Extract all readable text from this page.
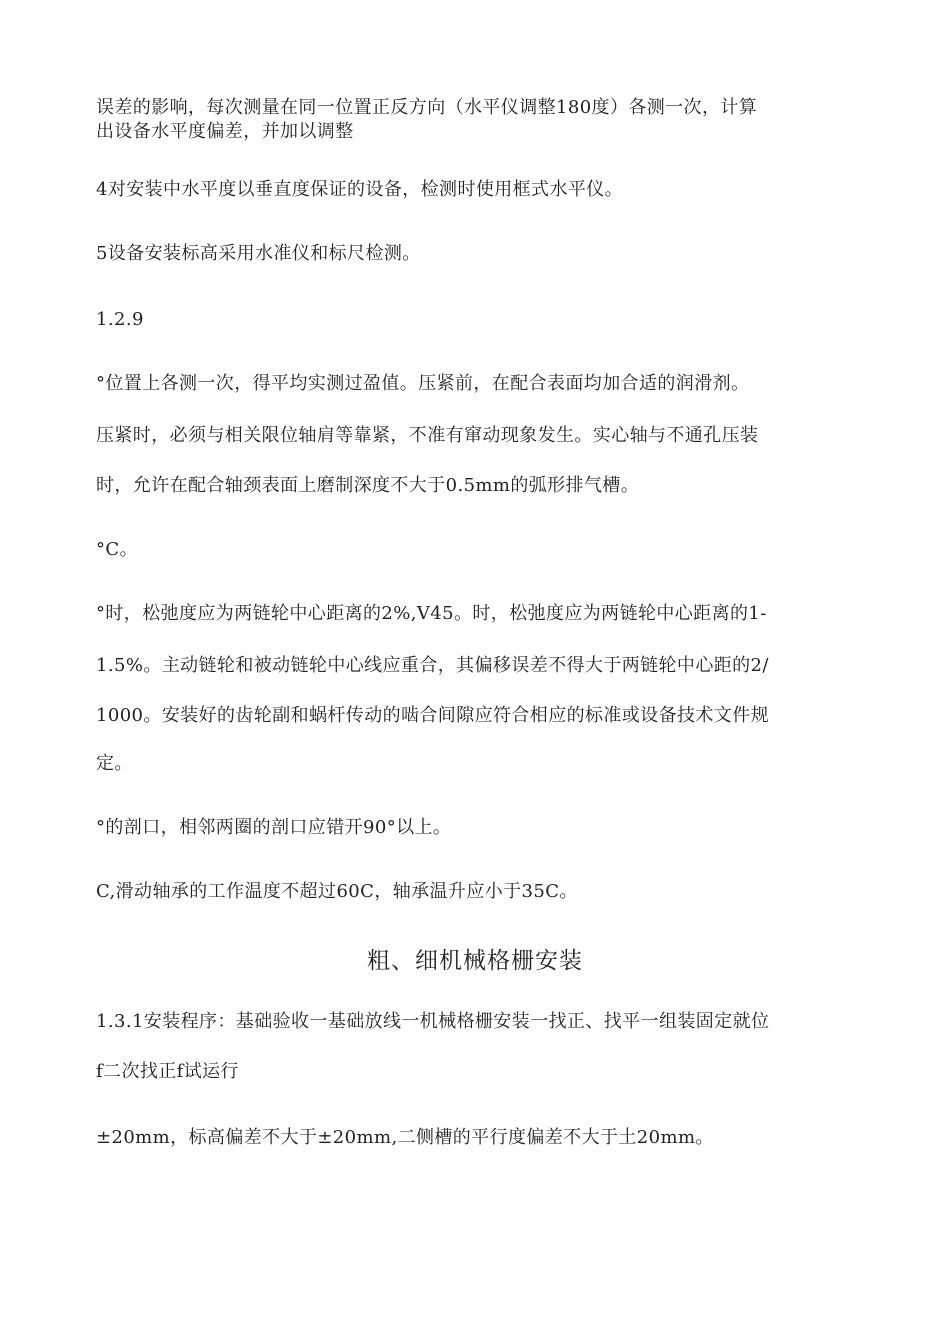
误差的影响，每次测量在同一位置正反方向（水平仪调整180度）各测一次，计算
出设备水平度偏差，并加以调整
4对安装中水平度以垂直度保证的设备，检测时使用框式水平仪。
5设备安装标高采用水准仪和标尺检测。
1.2.9
°位置上各测一次，得平均实测过盈值。压紧前，在配合表面均加合适的润滑剂。
压紧时，必须与相关限位轴肩等靠紧，不准有窜动现象发生。实心轴与不通孔压装
时，允许在配合轴颈表面上磨制深度不大于0.5mm的弧形排气槽。
°C。
°时，松弛度应为两链轮中心距离的2%,V45。时，松弛度应为两链轮中心距离的1-
1.5%。主动链轮和被动链轮中心线应重合，其偏移误差不得大于两链轮中心距的2/
1000。安装好的齿轮副和蜗杆传动的啮合间隙应符合相应的标准或设备技术文件规
定。
°的剖口，相邻两圈的剖口应错开90°以上。
C,滑动轴承的工作温度不超过60C，轴承温升应小于35C。
粗、细机械格栅安装
1.3.1安装程序：基础验收一基础放线一机械格栅安装一找正、找平一组装固定就位
f二次找正f试运行
±20mm，标高偏差不大于±20mm,二侧槽的平行度偏差不大于土20mm。
